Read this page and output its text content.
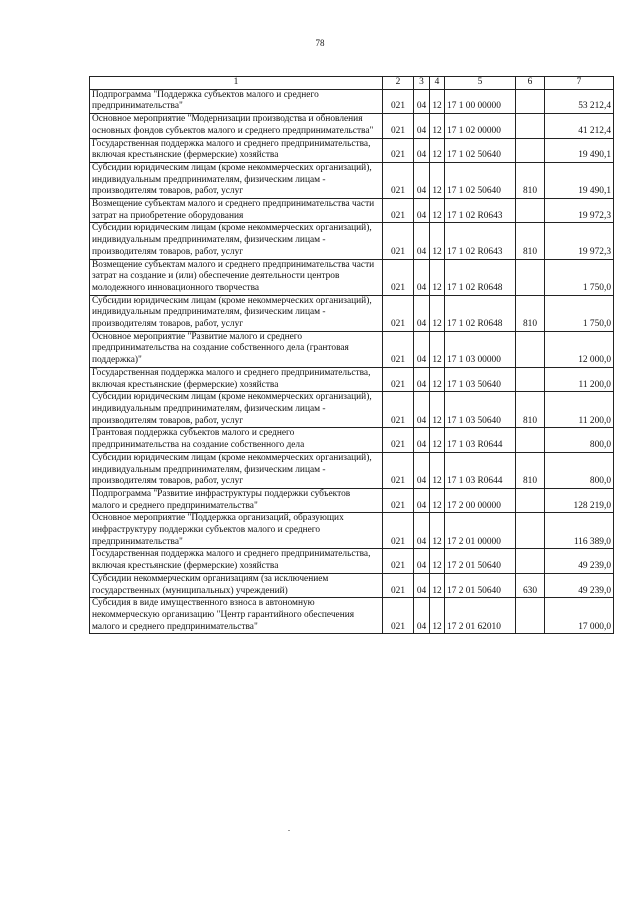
78
1	2	3	4	5	6	7
Подпрограмма "Поддержка субъектов малого и среднего предпринимательства"	021	04	12	17 1 00 00000		53 212,4
Основное мероприятие "Модернизации производства и обновления основных фондов субъектов малого и среднего предпринимательства"	021	04	12	17 1 02 00000		41 212,4
Государственная поддержка малого и среднего предпринимательства, включая крестьянские (фермерские) хозяйства	021	04	12	17 1 02 50640		19 490,1
Субсидии юридическим лицам (кроме некоммерческих организаций), индивидуальным предпринимателям, физическим лицам - производителям товаров, работ, услуг	021	04	12	17 1 02 50640	810	19 490,1
Возмещение субъектам малого и среднего предпринимательства части затрат на приобретение оборудования	021	04	12	17 1 02 R0643		19 972,3
Субсидии юридическим лицам (кроме некоммерческих организаций), индивидуальным предпринимателям, физическим лицам - производителям товаров, работ, услуг	021	04	12	17 1 02 R0643	810	19 972,3
Возмещение субъектам малого и среднего предпринимательства части затрат на создание и (или) обеспечение деятельности центров молодежного инновационного творчества	021	04	12	17 1 02 R0648		1 750,0
Субсидии юридическим лицам (кроме некоммерческих организаций), индивидуальным предпринимателям, физическим лицам - производителям товаров, работ, услуг	021	04	12	17 1 02 R0648	810	1 750,0
Основное мероприятие "Развитие малого и среднего предпринимательства на создание собственного дела (грантовая поддержка)"	021	04	12	17 1 03 00000		12 000,0
Государственная поддержка малого и среднего предпринимательства, включая крестьянские (фермерские) хозяйства	021	04	12	17 1 03 50640		11 200,0
Субсидии юридическим лицам (кроме некоммерческих организаций), индивидуальным предпринимателям, физическим лицам - производителям товаров, работ, услуг	021	04	12	17 1 03 50640	810	11 200,0
Грантовая поддержка субъектов малого и среднего предпринимательства на создание собственного дела	021	04	12	17 1 03 R0644		800,0
Субсидии юридическим лицам (кроме некоммерческих организаций), индивидуальным предпринимателям, физическим лицам - производителям товаров, работ, услуг	021	04	12	17 1 03 R0644	810	800,0
Подпрограмма "Развитие инфраструктуры поддержки субъектов малого и среднего предпринимательства"	021	04	12	17 2 00 00000		128 219,0
Основное мероприятие "Поддержка организаций, образующих инфраструктуру поддержки субъектов малого и среднего предпринимательства"	021	04	12	17 2 01 00000		116 389,0
Государственная поддержка малого и среднего предпринимательства, включая крестьянские (фермерские) хозяйства	021	04	12	17 2 01 50640		49 239,0
Субсидии некоммерческим организациям (за исключением государственных (муниципальных) учреждений)	021	04	12	17 2 01 50640	630	49 239,0
Субсидия в виде имущественного взноса в автономную некоммерческую организацию "Центр гарантийного обеспечения малого и среднего предпринимательства"	021	04	12	17 2 01 62010		17 000,0
